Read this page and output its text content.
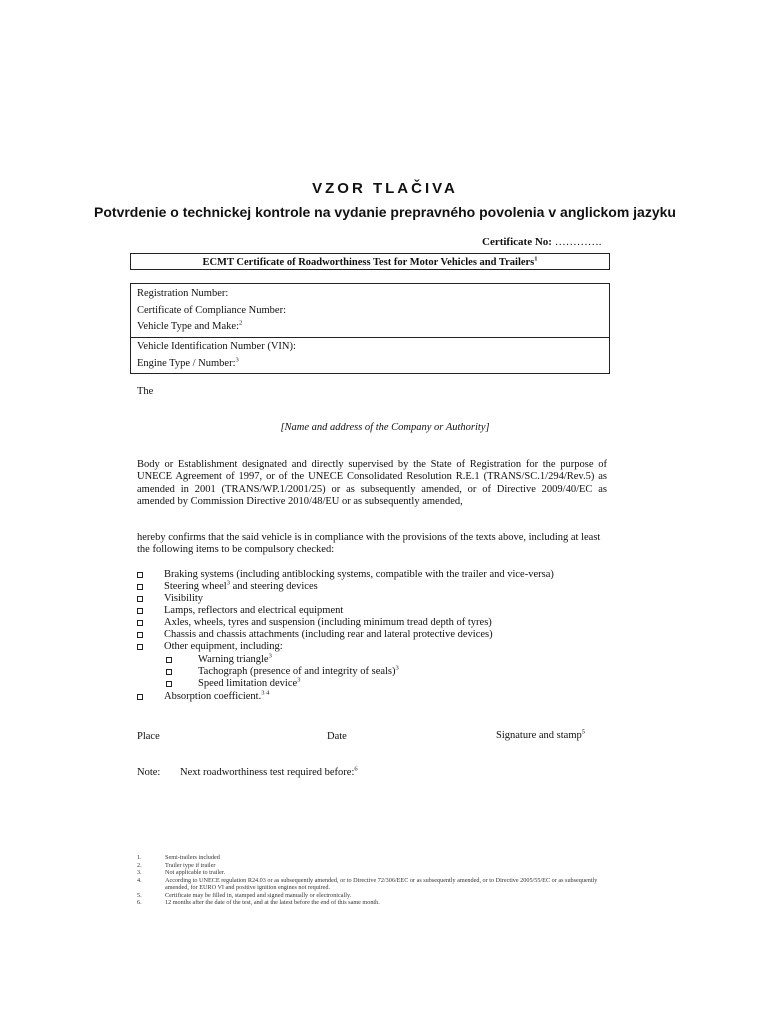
VZOR TLAČIVA
Potvrdenie o technickej kontrole na vydanie prepravného povolenia v anglickom jazyku
Certificate No: ………….
ECMT Certificate of Roadworthiness Test for Motor Vehicles and Trailers$^1$
Registration Number:
Certificate of Compliance Number:
Vehicle Type and Make:$^2$
Vehicle Identification Number (VIN):
Engine Type / Number:$^3$
The
[Name and address of the Company or Authority]
Body or Establishment designated and directly supervised by the State of Registration for the purpose of UNECE Agreement of 1997, or of the UNECE Consolidated Resolution R.E.1 (TRANS/SC.1/294/Rev.5) as amended in 2001 (TRANS/WP.1/2001/25) or as subsequently amended, or of Directive 2009/40/EC as amended by Commission Directive 2010/48/EU or as subsequently amended,
hereby confirms that the said vehicle is in compliance with the provisions of the texts above, including at least the following items to be compulsory checked:
Braking systems (including antiblocking systems, compatible with the trailer and vice-versa)
Steering wheel$^3$ and steering devices
Visibility
Lamps, reflectors and electrical equipment
Axles, wheels, tyres and suspension (including minimum tread depth of tyres)
Chassis and chassis attachments (including rear and lateral protective devices)
Other equipment, including:
Warning triangle$^3$
Tachograph (presence of and integrity of seals)$^3$
Speed limitation device$^3$
Absorption coefficient.$^{3 4}$
Place	Date	Signature and stamp$^5$
Note: Next roadworthiness test required before:$^6$
1.	Semi-trailers included
2.	Trailer type if trailer
3.	Not applicable to trailer.
4.	According to UNECE regulation R24.03 or as subsequently amended, or to Directive 72/306/EEC or as subsequently amended, or to Directive 2005/55/EC or as subsequently amended, for EURO VI and positive ignition engines not required.
5.	Certificate may be filled in, stamped and signed manually or electronically.
6.	12 months after the date of the test, and at the latest before the end of this same month.
